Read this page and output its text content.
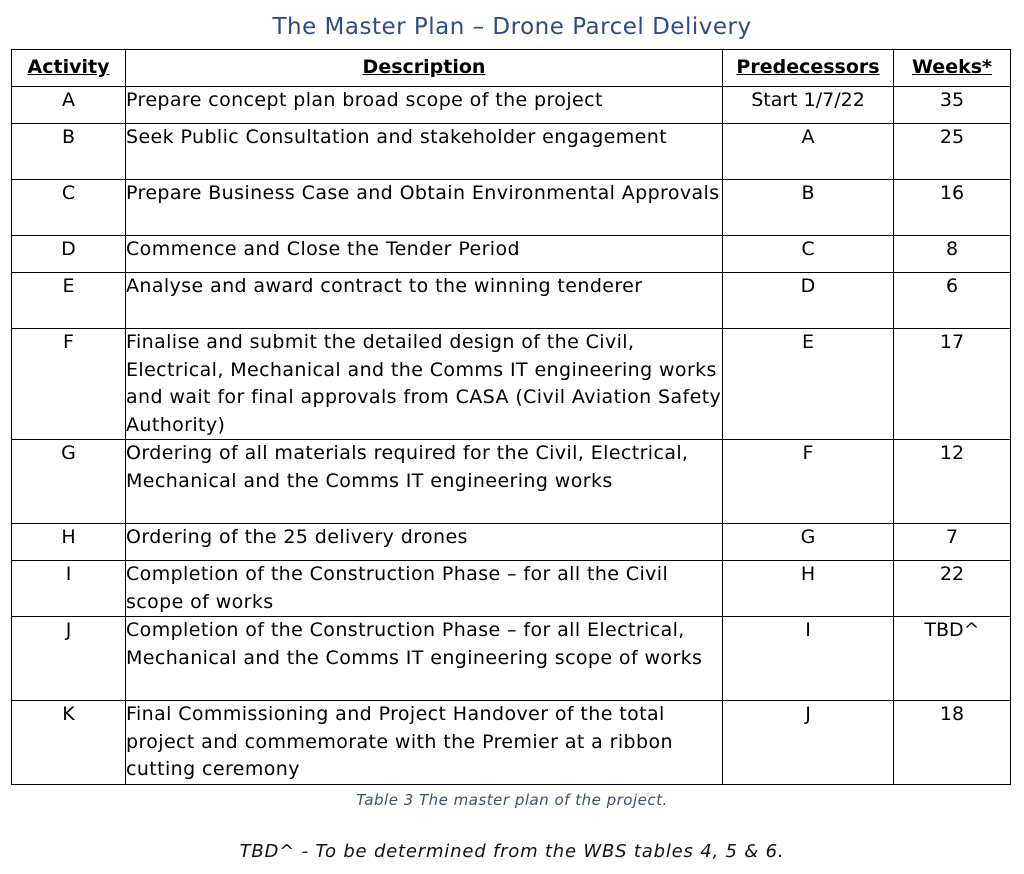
The Master Plan – Drone Parcel Delivery
Activity	Description	Predecessors	Weeks*
A	Prepare concept plan broad scope of the project	Start 1/7/22	35
B	Seek Public Consultation and stakeholder engagement	A	25
C	Prepare Business Case and Obtain Environmental Approvals	B	16
D	Commence and Close the Tender Period	C	8
E	Analyse and award contract to the winning tenderer	D	6
F	Finalise and submit the detailed design of the Civil, Electrical, Mechanical and the Comms IT engineering works and wait for final approvals from CASA (Civil Aviation Safety Authority)	E	17
G	Ordering of all materials required for the Civil, Electrical, Mechanical and the Comms IT engineering works	F	12
H	Ordering of the 25 delivery drones	G	7
I	Completion of the Construction Phase – for all the Civil scope of works	H	22
J	Completion of the Construction Phase – for all Electrical, Mechanical and the Comms IT engineering scope of works	I	TBD^
K	Final Commissioning and Project Handover of the total project and commemorate with the Premier at a ribbon cutting ceremony	J	18
Table 3 The master plan of the project.
TBD^ - To be determined from the WBS tables 4, 5 & 6.
